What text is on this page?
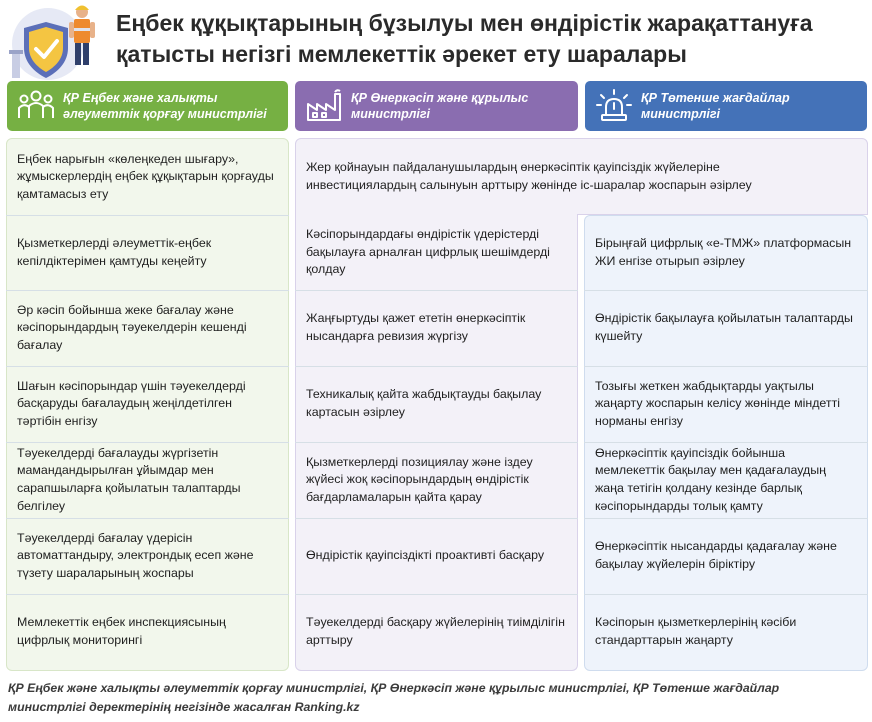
Еңбек құқықтарының бұзылуы мен өндірістік жарақаттануға қатысты негізгі мемлекеттік әрекет ету шаралары
ҚР Еңбек және халықты әлеуметтік қорғау министрлігі
ҚР Өнеркәсіп және құрылыс министрлігі
ҚР Төтенше жағдайлар министрлігі
Еңбек нарығын «көлеңкеден шығару», жұмыскерлердің еңбек құқықтарын қорғауды қамтамасыз ету
Қызметкерлерді әлеуметтік-еңбек кепілдіктерімен қамтуды кеңейту
Әр кәсіп бойынша жеке бағалау және кәсіпорындардың тәуекелдерін кешенді бағалау
Шағын кәсіпорындар үшін тәуекелдерді басқаруды бағалаудың жеңілдетілген тәртібін енгізу
Тәуекелдерді бағалауды жүргізетін мамандандырылған ұйымдар мен сарапшыларға қойылатын талаптарды белгілеу
Тәуекелдерді бағалау үдерісін автоматтандыру, электрондық есеп және түзету шараларының жоспары
Мемлекеттік еңбек инспекциясының цифрлық мониторингі
Жер қойнауын пайдаланушылардың өнеркәсіптік қауіпсіздік жүйелеріне инвестициялардың салынуын арттыру жөнінде іс-шаралар жоспарын әзірлеу
Кәсіпорындардағы өндірістік үдерістерді бақылауға арналған цифрлық шешімдерді қолдау
Жаңғыртуды қажет ететін өнеркәсіптік нысандарға ревизия жүргізу
Техникалық қайта жабдықтауды бақылау картасын әзірлеу
Қызметкерлерді позициялау және іздеу жүйесі жоқ кәсіпорындардың өндірістік бағдарламаларын қайта қарау
Өндірістік қауіпсіздікті проактивті басқару
Тәуекелдерді басқару жүйелерінің тиімділігін арттыру
Бірыңғай цифрлық «e-ТМЖ» платформасын ЖИ енгізе отырып әзірлеу
Өндірістік бақылауға қойылатын талаптарды күшейту
Тозығы жеткен жабдықтарды уақтылы жаңарту жоспарын келісу жөнінде міндетті норманы енгізу
Өнеркәсіптік қауіпсіздік бойынша мемлекеттік бақылау мен қадағалаудың жаңа тетігін қолдану кезінде барлық кәсіпорындарды толық қамту
Өнеркәсіптік нысандарды қадағалау және бақылау жүйелерін біріктіру
Кәсіпорын қызметкерлерінің кәсіби стандарттарын жаңарту
ҚР Еңбек және халықты әлеуметтік қорғау министрлігі, ҚР Өнеркәсіп және құрылыс министрлігі, ҚР Төтенше жағдайлар министрлігі деректерінің негізінде жасалған Ranking.kz
